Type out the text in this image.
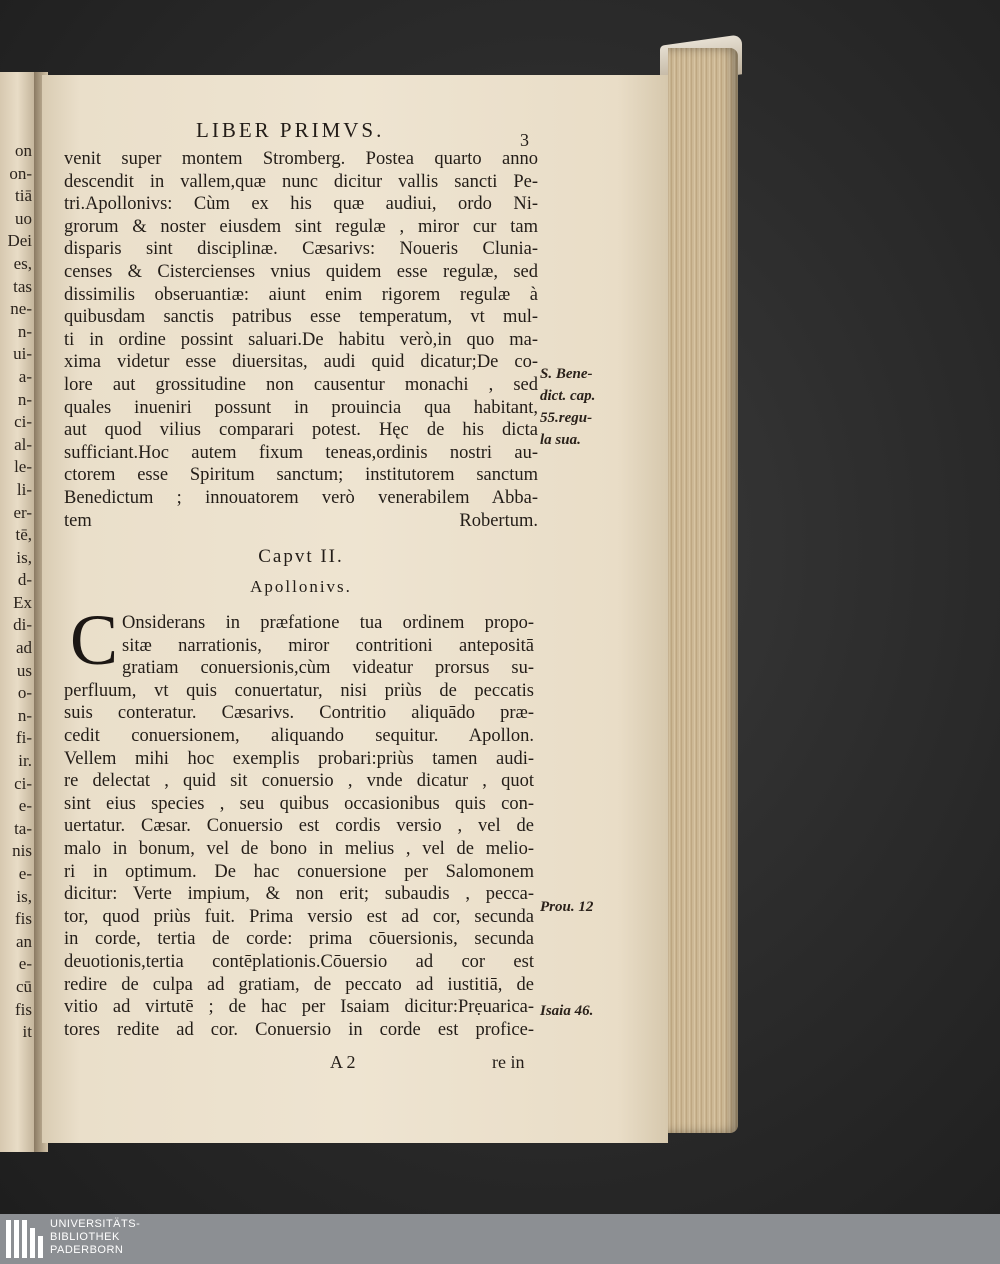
on
on-
tiā
uo
Dei
es,
tas
ne-
n-
ui-
a-
n-
ci-
al-
le-
li-
er-
tē,
is,
d-
Ex
di-
ad
us
o-
n-
fi-
ir.
ci-
e-
ta-
nis
e-
is,
fis
an
e-
cū
fis
it
LIBER PRIMVS.	3
venit super montem Stromberg. Postea quarto anno
descendit in vallem,quæ nunc dicitur vallis sancti Pe-
tri.Apollonivs: Cùm ex his quæ audiui, ordo Ni-
grorum & noster eiusdem sint regulæ , miror cur tam
disparis sint disciplinæ. Cæsarivs: Noueris Clunia-
censes & Cistercienses vnius quidem esse regulæ, sed
dissimilis obseruantiæ: aiunt enim rigorem regulæ à
quibusdam sanctis patribus esse temperatum, vt mul-
ti in ordine possint saluari.De habitu verò,in quo ma-
xima videtur esse diuersitas, audi quid dicatur;De co-
lore aut grossitudine non causentur monachi , sed
quales inueniri possunt in prouincia qua habitant,
aut quod vilius comparari potest. Hęc de his dicta
sufficiant.Hoc autem fixum teneas,ordinis nostri au-
ctorem esse Spiritum sanctum; institutorem sanctum
Benedictum ; innouatorem verò venerabilem Abba-
tem Robertum.
Capvt II.
Apollonivs.
C Onsiderans in præfatione tua ordinem propo-
sitæ narrationis, miror contritioni antepositā
gratiam conuersionis,cùm videatur prorsus su-
perfluum, vt quis conuertatur, nisi priùs de peccatis
suis conteratur. Cæsarivs. Contritio aliquādo præ-
cedit conuersionem, aliquando sequitur. Apollon.
Vellem mihi hoc exemplis probari:priùs tamen audi-
re delectat , quid sit conuersio , vnde dicatur , quot
sint eius species , seu quibus occasionibus quis con-
uertatur. Cæsar. Conuersio est cordis versio , vel de
malo in bonum, vel de bono in melius , vel de melio-
ri in optimum. De hac conuersione per Salomonem
dicitur: Verte impium, & non erit; subaudis , pecca-
tor, quod priùs fuit. Prima versio est ad cor, secunda
in corde, tertia de corde: prima cōuersionis, secunda
deuotionis,tertia contēplationis.Cōuersio ad cor est
redire de culpa ad gratiam, de peccato ad iustitiā, de
vitio ad virtutē ; de hac per Isaiam dicitur:Prẹuarica-
tores redite ad cor. Conuersio in corde est profice-
A 2	re in
S. Bene-
dict. cap.
55.regu-
la sua.
Prou. 12
Isaia 46.
UNIVERSITÄTS-
BIBLIOTHEK
PADERBORN
